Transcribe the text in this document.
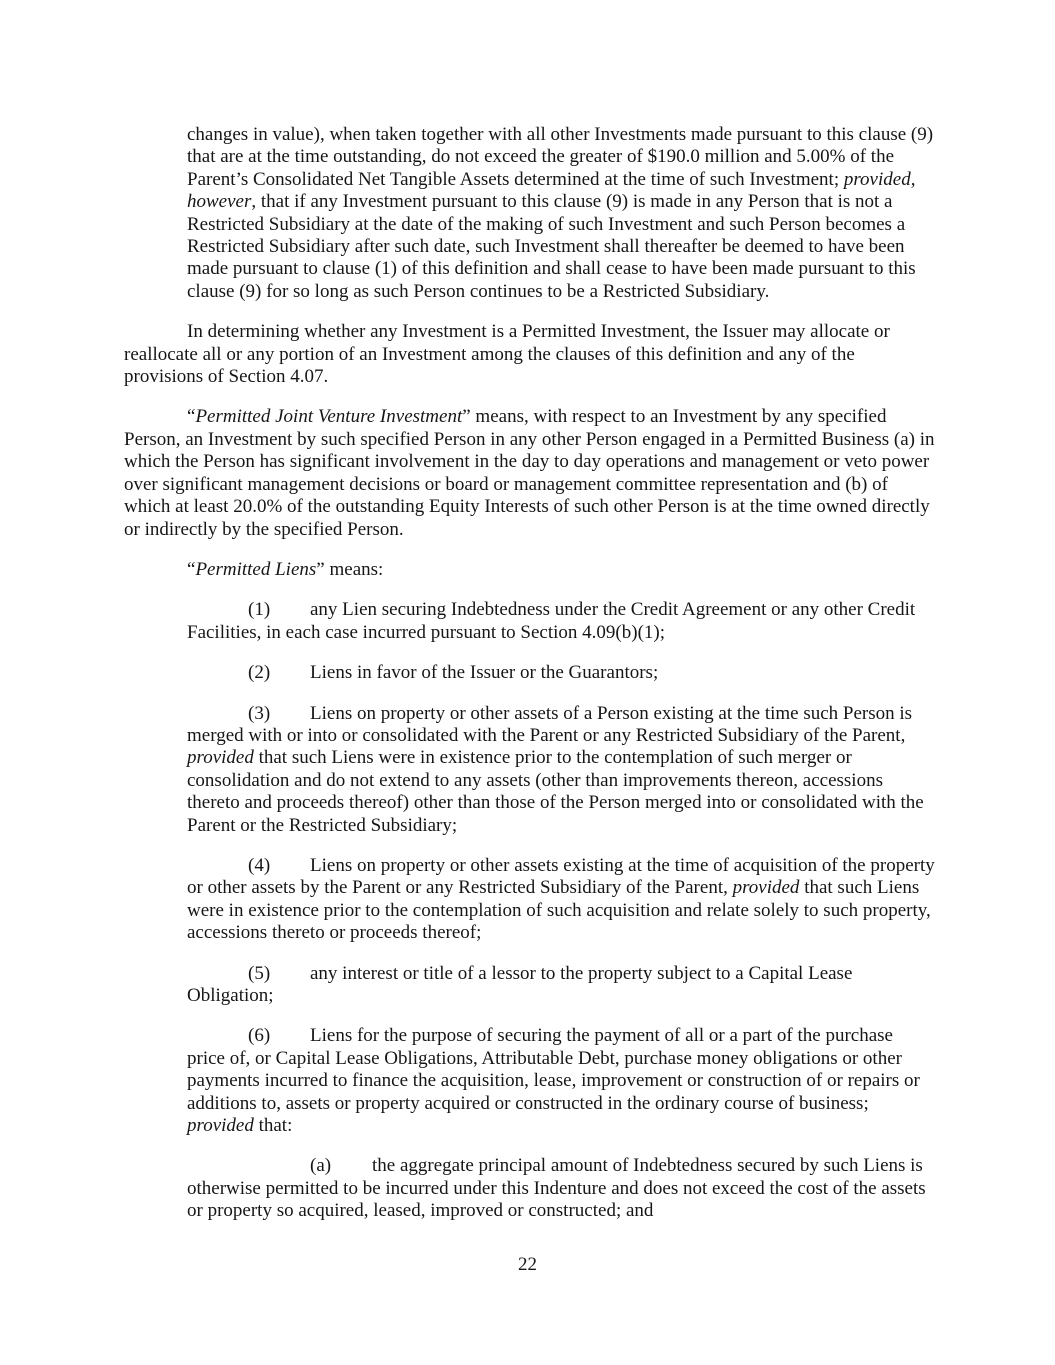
changes in value), when taken together with all other Investments made pursuant to this clause (9) that are at the time outstanding, do not exceed the greater of $190.0 million and 5.00% of the Parent’s Consolidated Net Tangible Assets determined at the time of such Investment; provided, however, that if any Investment pursuant to this clause (9) is made in any Person that is not a Restricted Subsidiary at the date of the making of such Investment and such Person becomes a Restricted Subsidiary after such date, such Investment shall thereafter be deemed to have been made pursuant to clause (1) of this definition and shall cease to have been made pursuant to this clause (9) for so long as such Person continues to be a Restricted Subsidiary.

In determining whether any Investment is a Permitted Investment, the Issuer may allocate or reallocate all or any portion of an Investment among the clauses of this definition and any of the provisions of Section 4.07.

“Permitted Joint Venture Investment” means, with respect to an Investment by any specified Person, an Investment by such specified Person in any other Person engaged in a Permitted Business (a) in which the Person has significant involvement in the day to day operations and management or veto power over significant management decisions or board or management committee representation and (b) of which at least 20.0% of the outstanding Equity Interests of such other Person is at the time owned directly or indirectly by the specified Person.

“Permitted Liens” means:

(1) any Lien securing Indebtedness under the Credit Agreement or any other Credit Facilities, in each case incurred pursuant to Section 4.09(b)(1);

(2) Liens in favor of the Issuer or the Guarantors;

(3) Liens on property or other assets of a Person existing at the time such Person is merged with or into or consolidated with the Parent or any Restricted Subsidiary of the Parent, provided that such Liens were in existence prior to the contemplation of such merger or consolidation and do not extend to any assets (other than improvements thereon, accessions thereto and proceeds thereof) other than those of the Person merged into or consolidated with the Parent or the Restricted Subsidiary;

(4) Liens on property or other assets existing at the time of acquisition of the property or other assets by the Parent or any Restricted Subsidiary of the Parent, provided that such Liens were in existence prior to the contemplation of such acquisition and relate solely to such property, accessions thereto or proceeds thereof;

(5) any interest or title of a lessor to the property subject to a Capital Lease Obligation;

(6) Liens for the purpose of securing the payment of all or a part of the purchase price of, or Capital Lease Obligations, Attributable Debt, purchase money obligations or other payments incurred to finance the acquisition, lease, improvement or construction of or repairs or additions to, assets or property acquired or constructed in the ordinary course of business; provided that:

(a) the aggregate principal amount of Indebtedness secured by such Liens is otherwise permitted to be incurred under this Indenture and does not exceed the cost of the assets or property so acquired, leased, improved or constructed; and

22
